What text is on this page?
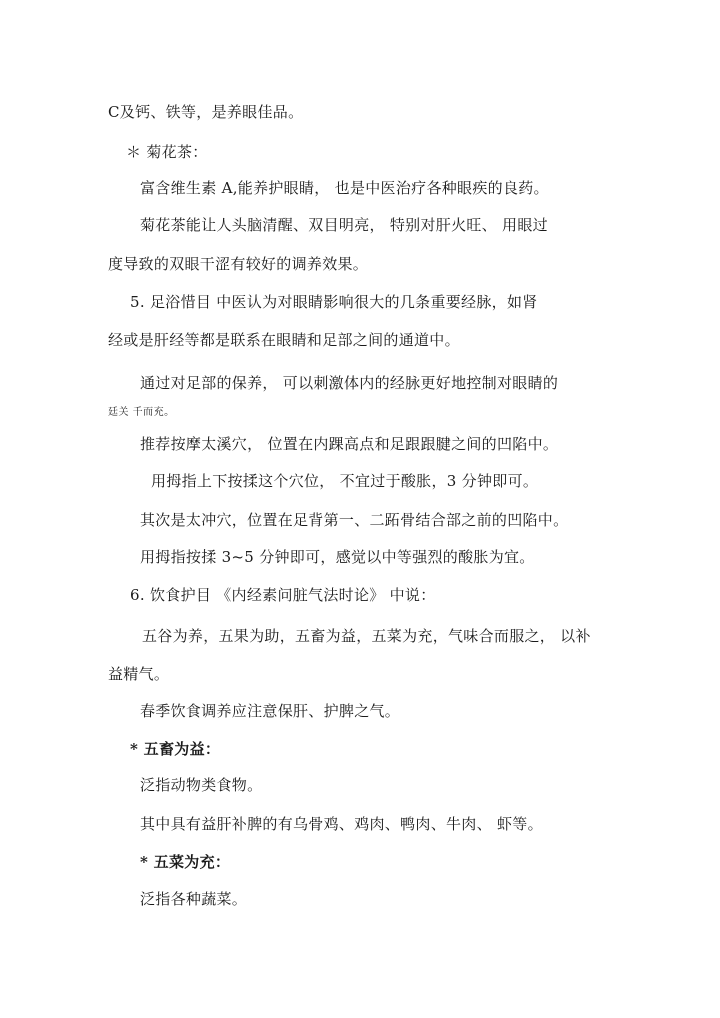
C及钙、铁等，是养眼佳品。
＊ 菊花茶：
富含维生素 A,能养护眼睛， 也是中医治疗各种眼疾的良药。
菊花茶能让人头脑清醒、双目明亮， 特别对肝火旺、 用眼过
度导致的双眼干涩有较好的调养效果。
5. 足浴惜目 中医认为对眼睛影响很大的几条重要经脉，如肾
经或是肝经等都是联系在眼睛和足部之间的通道中。
通过对足部的保养， 可以刺激体内的经脉更好地控制对眼睛的
廷关 千而充。
推荐按摩太溪穴， 位置在内踝高点和足跟跟腱之间的凹陷中。
用拇指上下按揉这个穴位， 不宜过于酸胀，3 分钟即可。
其次是太冲穴，位置在足背第一、二跖骨结合部之前的凹陷中。
用拇指按揉 3~5 分钟即可，感觉以中等强烈的酸胀为宜。
6. 饮食护目 《内经素问脏气法时论》 中说：
五谷为养，五果为助，五畜为益，五菜为充，气味合而服之， 以补
益精气。
春季饮食调养应注意保肝、护脾之气。
* 五畜为益：
泛指动物类食物。
其中具有益肝补脾的有乌骨鸡、鸡肉、鸭肉、牛肉、 虾等。
* 五菜为充：
泛指各种蔬菜。
